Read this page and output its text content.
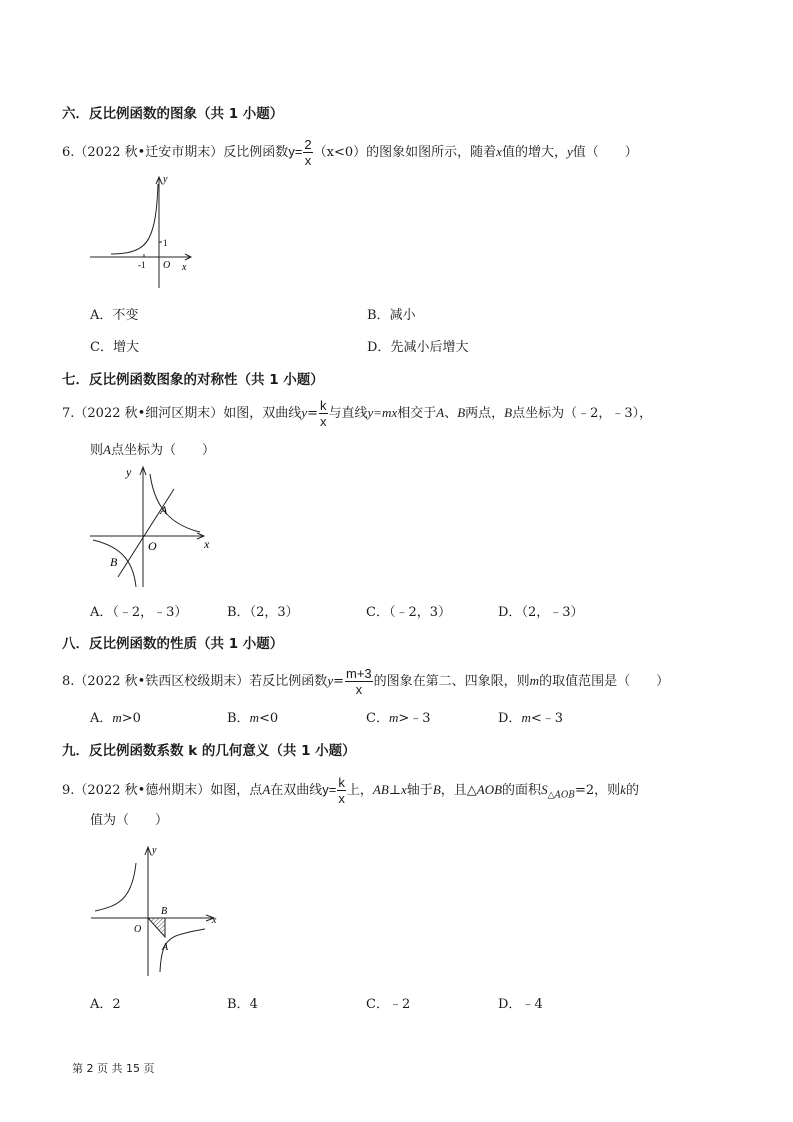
六．反比例函数的图象（共 1 小题）
6.（2022 秋•迁安市期末）反比例函数$y= \frac{2}{x} (x<0)$的图象如图所示，随着x值的增大，y值（　　）
y
1
-1 O x
A．不变	B．减小
C．增大	D．先减小后增大
七．反比例函数图象的对称性（共 1 小题）
7.（2022 秋•细河区期末）如图，双曲线$y= \frac{k}{x}$ 与直线y=mx相交于A、B两点，B点坐标为（﹣2，﹣3），
则A点坐标为（　　）
y
A
O	x
B
A．（﹣2，﹣3）	B．（2，3）	C．（﹣2，3）	D．（2，﹣3）
八．反比例函数的性质（共 1 小题）
8.（2022 秋•铁西区校级期末）若反比例函数$y= \frac{m+3}{x}$ 的图象在第二、四象限，则m的取值范围是（　　）
A．m>0	B．m<0	C．m>﹣3	D．m<﹣3
九．反比例函数系数 k 的几何意义（共 1 小题）
9.（2022 秋•德州期末）如图，点A在双曲线$y= \frac{k}{x}$ 上，AB⊥x轴于B，且△AOB的面积$S_{\triangle AOB}=2$，则k的
值为（　　）
y
B
O
A
x
A．2	B．4	C．﹣2	D．﹣4
第 2 页 共 15 页
